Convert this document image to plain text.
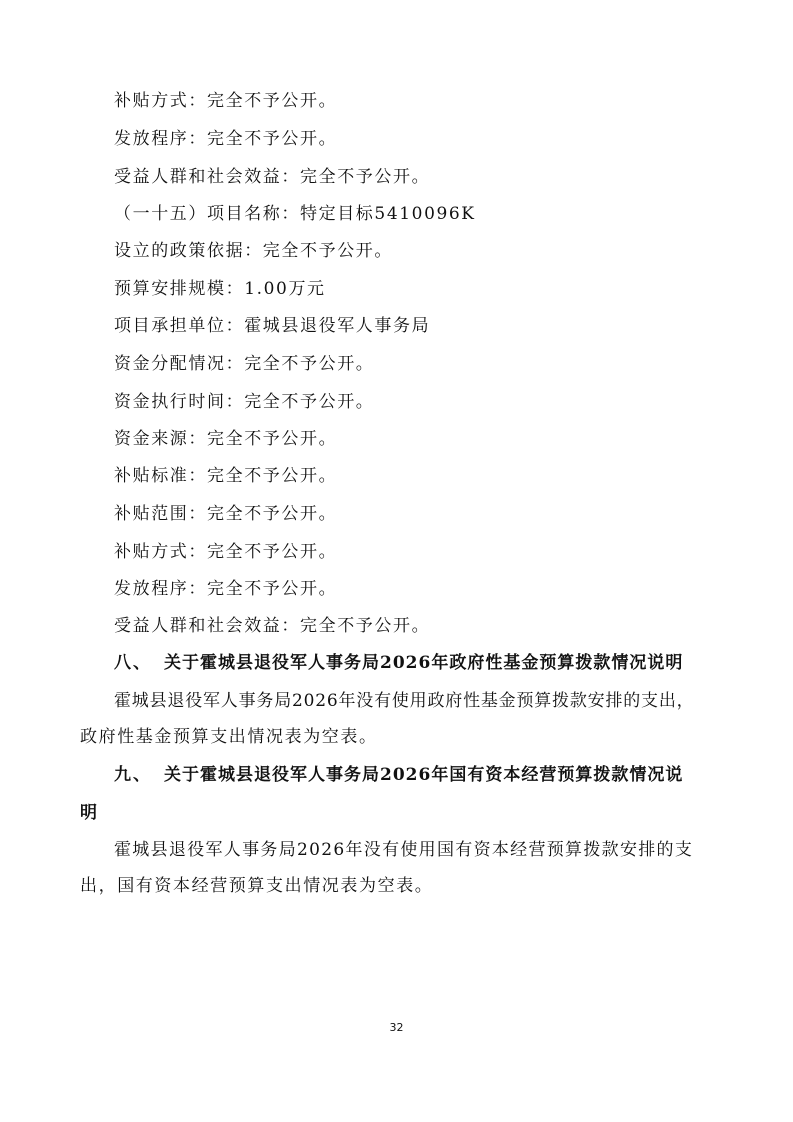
补贴方式：完全不予公开。
发放程序：完全不予公开。
受益人群和社会效益：完全不予公开。
（一十五）项目名称：特定目标5410096K
设立的政策依据：完全不予公开。
预算安排规模：1.00万元
项目承担单位：霍城县退役军人事务局
资金分配情况：完全不予公开。
资金执行时间：完全不予公开。
资金来源：完全不予公开。
补贴标准：完全不予公开。
补贴范围：完全不予公开。
补贴方式：完全不予公开。
发放程序：完全不予公开。
受益人群和社会效益：完全不予公开。
八、 关于霍城县退役军人事务局2026年政府性基金预算拨款情况说明
霍城县退役军人事务局2026年没有使用政府性基金预算拨款安排的支出，
政府性基金预算支出情况表为空表。
九、 关于霍城县退役军人事务局2026年国有资本经营预算拨款情况说
明
霍城县退役军人事务局2026年没有使用国有资本经营预算拨款安排的支
出，国有资本经营预算支出情况表为空表。
32
